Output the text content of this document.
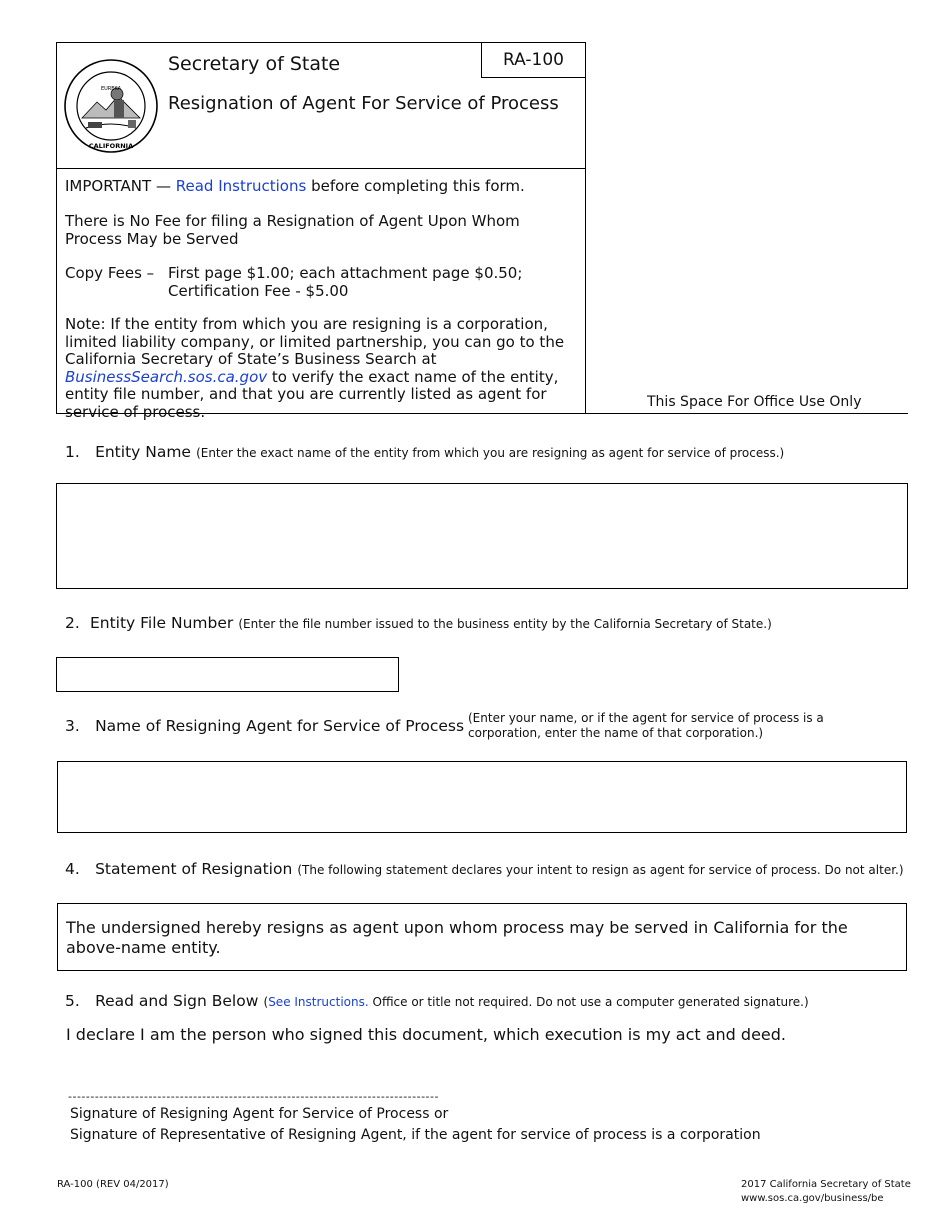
EUREKA
CALIFORNIA
Secretary of State
Resignation of Agent For Service of Process
RA-100
IMPORTANT — Read Instructions before completing this form.
There is No Fee for filing a Resignation of Agent Upon Whom Process May be Served
Copy Fees – First page $1.00; each attachment page $0.50;
Certification Fee - $5.00
Note: If the entity from which you are resigning is a corporation, limited liability company, or limited partnership, you can go to the California Secretary of State’s Business Search at BusinessSearch.sos.ca.gov to verify the exact name of the entity, entity file number, and that you are currently listed as agent for service of process.
This Space For Office Use Only
1. Entity Name (Enter the exact name of the entity from which you are resigning as agent for service of process.)
2. Entity File Number (Enter the file number issued to the business entity by the California Secretary of State.)
3. Name of Resigning Agent for Service of Process (Enter your name, or if the agent for service of process is a corporation, enter the name of that corporation.)
4. Statement of Resignation (The following statement declares your intent to resign as agent for service of process. Do not alter.)
The undersigned hereby resigns as agent upon whom process may be served in California for the above-name entity.
5. Read and Sign Below (See Instructions. Office or title not required. Do not use a computer generated signature.)
I declare I am the person who signed this document, which execution is my act and deed.
-----------------------------------------------------------------------------------
Signature of Resigning Agent for Service of Process or
Signature of Representative of Resigning Agent, if the agent for service of process is a corporation
RA-100 (REV 04/2017)	2017 California Secretary of State
www.sos.ca.gov/business/be
